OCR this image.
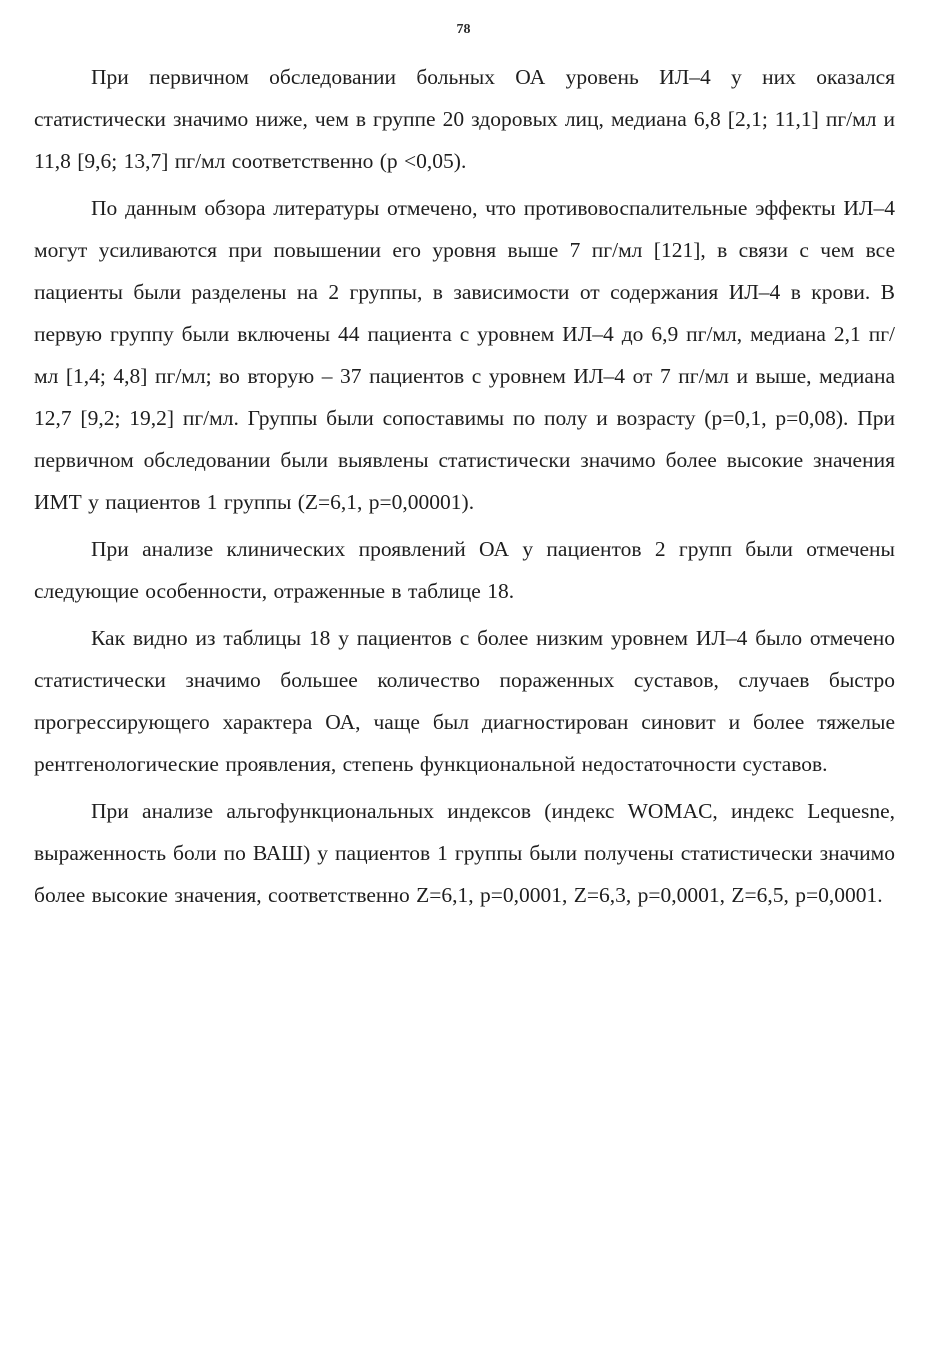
78

При первичном обследовании больных ОА уровень ИЛ–4 у них оказался статистически значимо ниже, чем в группе 20 здоровых лиц, медиана 6,8 [2,1; 11,1] пг/мл и 11,8 [9,6; 13,7] пг/мл соответственно (р <0,05).

По данным обзора литературы отмечено, что противовоспалительные эффекты ИЛ–4 могут усиливаются при повышении его уровня выше 7 пг/мл [121], в связи с чем все пациенты были разделены на 2 группы, в зависимости от содержания ИЛ–4 в крови. В первую группу были включены 44 пациента с уровнем ИЛ–4 до 6,9 пг/мл, медиана 2,1 пг/мл [1,4; 4,8] пг/мл; во вторую – 37 пациентов с уровнем ИЛ–4 от 7 пг/мл и выше, медиана 12,7 [9,2; 19,2] пг/мл. Группы были сопоставимы по полу и возрасту (р=0,1, р=0,08). При первичном обследовании были выявлены статистически значимо более высокие значения ИМТ у пациентов 1 группы (Z=6,1, р=0,00001).

При анализе клинических проявлений ОА у пациентов 2 групп были отмечены следующие особенности, отраженные в таблице 18.

Как видно из таблицы 18 у пациентов с более низким уровнем ИЛ–4 было отмечено статистически значимо большее количество пораженных суставов, случаев быстро прогрессирующего характера ОА, чаще был диагностирован синовит и более тяжелые рентгенологические проявления, степень функциональной недостаточности суставов.

При анализе альгофункциональных индексов (индекс WOMAC, индекс Lequesne, выраженность боли по ВАШ) у пациентов 1 группы были получены статистически значимо более высокие значения, соответственно Z=6,1, р=0,0001, Z=6,3, р=0,0001, Z=6,5, р=0,0001.
